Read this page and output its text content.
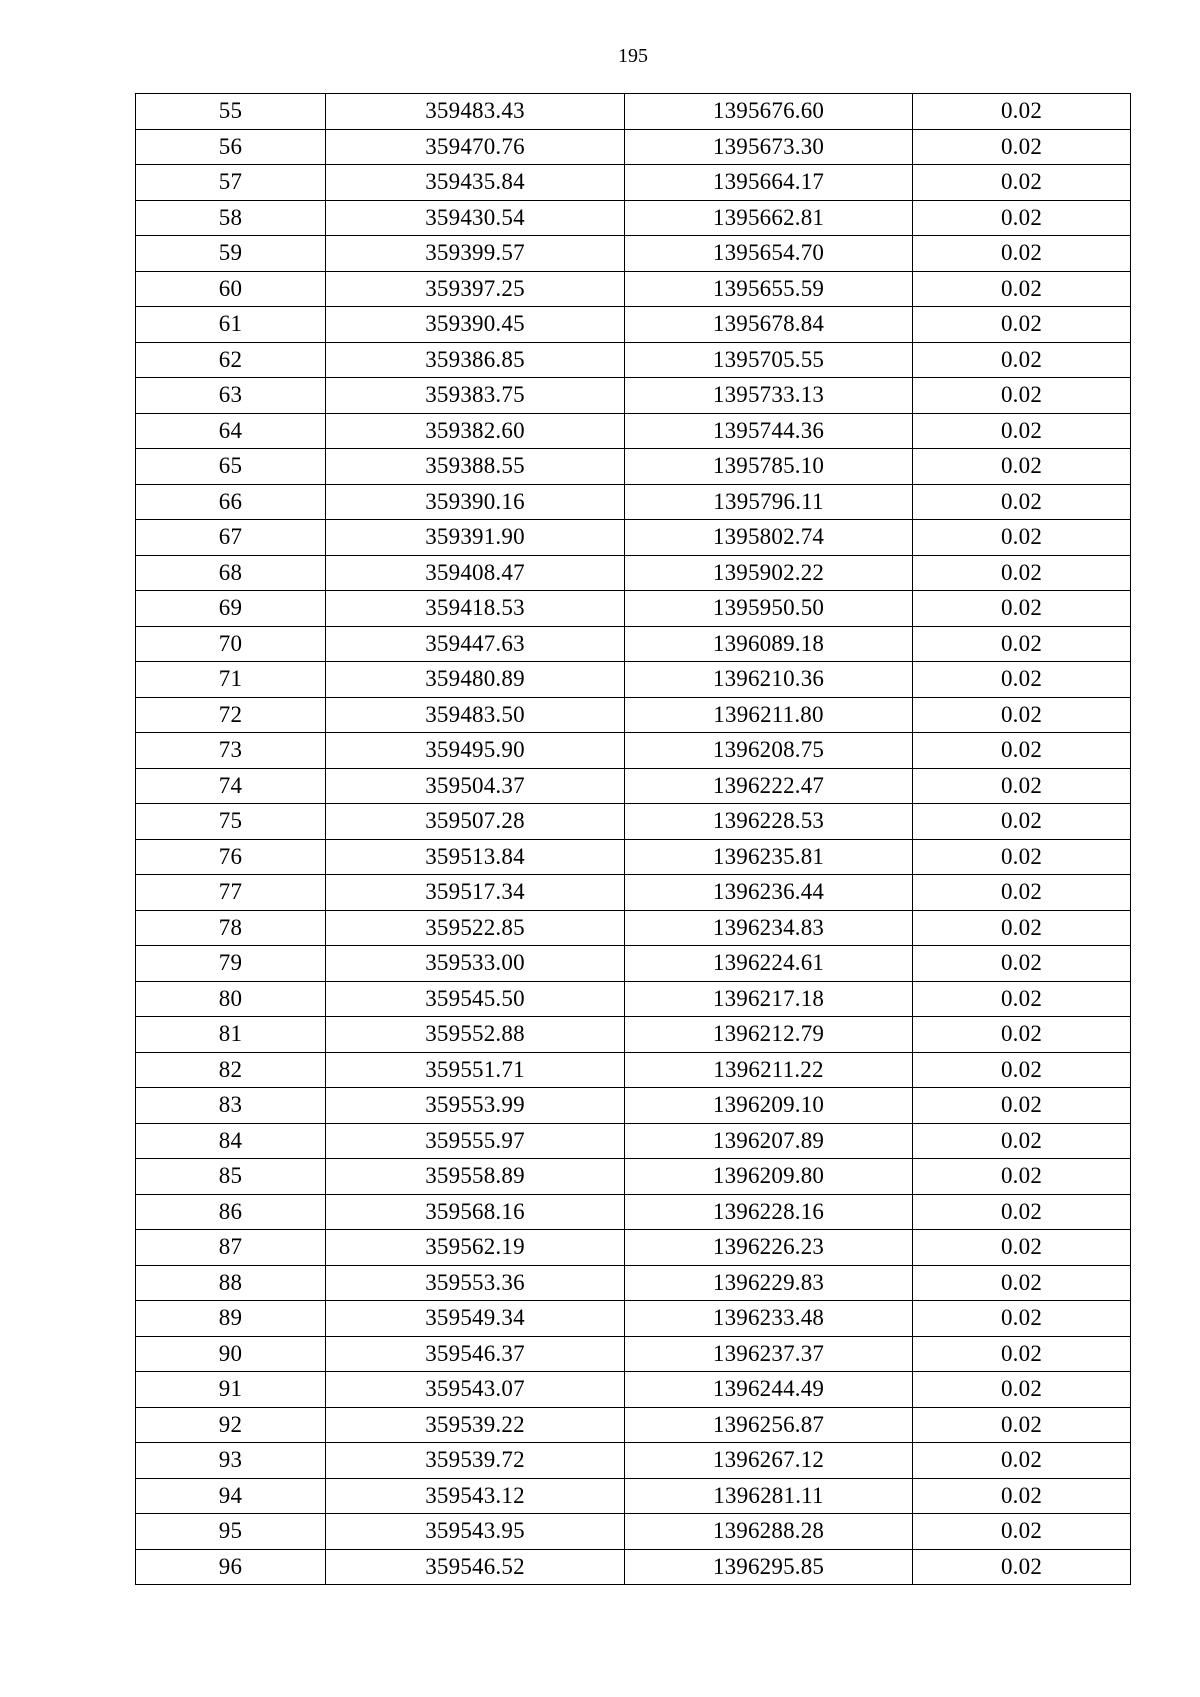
195
55	359483.43	1395676.60	0.02
56	359470.76	1395673.30	0.02
57	359435.84	1395664.17	0.02
58	359430.54	1395662.81	0.02
59	359399.57	1395654.70	0.02
60	359397.25	1395655.59	0.02
61	359390.45	1395678.84	0.02
62	359386.85	1395705.55	0.02
63	359383.75	1395733.13	0.02
64	359382.60	1395744.36	0.02
65	359388.55	1395785.10	0.02
66	359390.16	1395796.11	0.02
67	359391.90	1395802.74	0.02
68	359408.47	1395902.22	0.02
69	359418.53	1395950.50	0.02
70	359447.63	1396089.18	0.02
71	359480.89	1396210.36	0.02
72	359483.50	1396211.80	0.02
73	359495.90	1396208.75	0.02
74	359504.37	1396222.47	0.02
75	359507.28	1396228.53	0.02
76	359513.84	1396235.81	0.02
77	359517.34	1396236.44	0.02
78	359522.85	1396234.83	0.02
79	359533.00	1396224.61	0.02
80	359545.50	1396217.18	0.02
81	359552.88	1396212.79	0.02
82	359551.71	1396211.22	0.02
83	359553.99	1396209.10	0.02
84	359555.97	1396207.89	0.02
85	359558.89	1396209.80	0.02
86	359568.16	1396228.16	0.02
87	359562.19	1396226.23	0.02
88	359553.36	1396229.83	0.02
89	359549.34	1396233.48	0.02
90	359546.37	1396237.37	0.02
91	359543.07	1396244.49	0.02
92	359539.22	1396256.87	0.02
93	359539.72	1396267.12	0.02
94	359543.12	1396281.11	0.02
95	359543.95	1396288.28	0.02
96	359546.52	1396295.85	0.02
